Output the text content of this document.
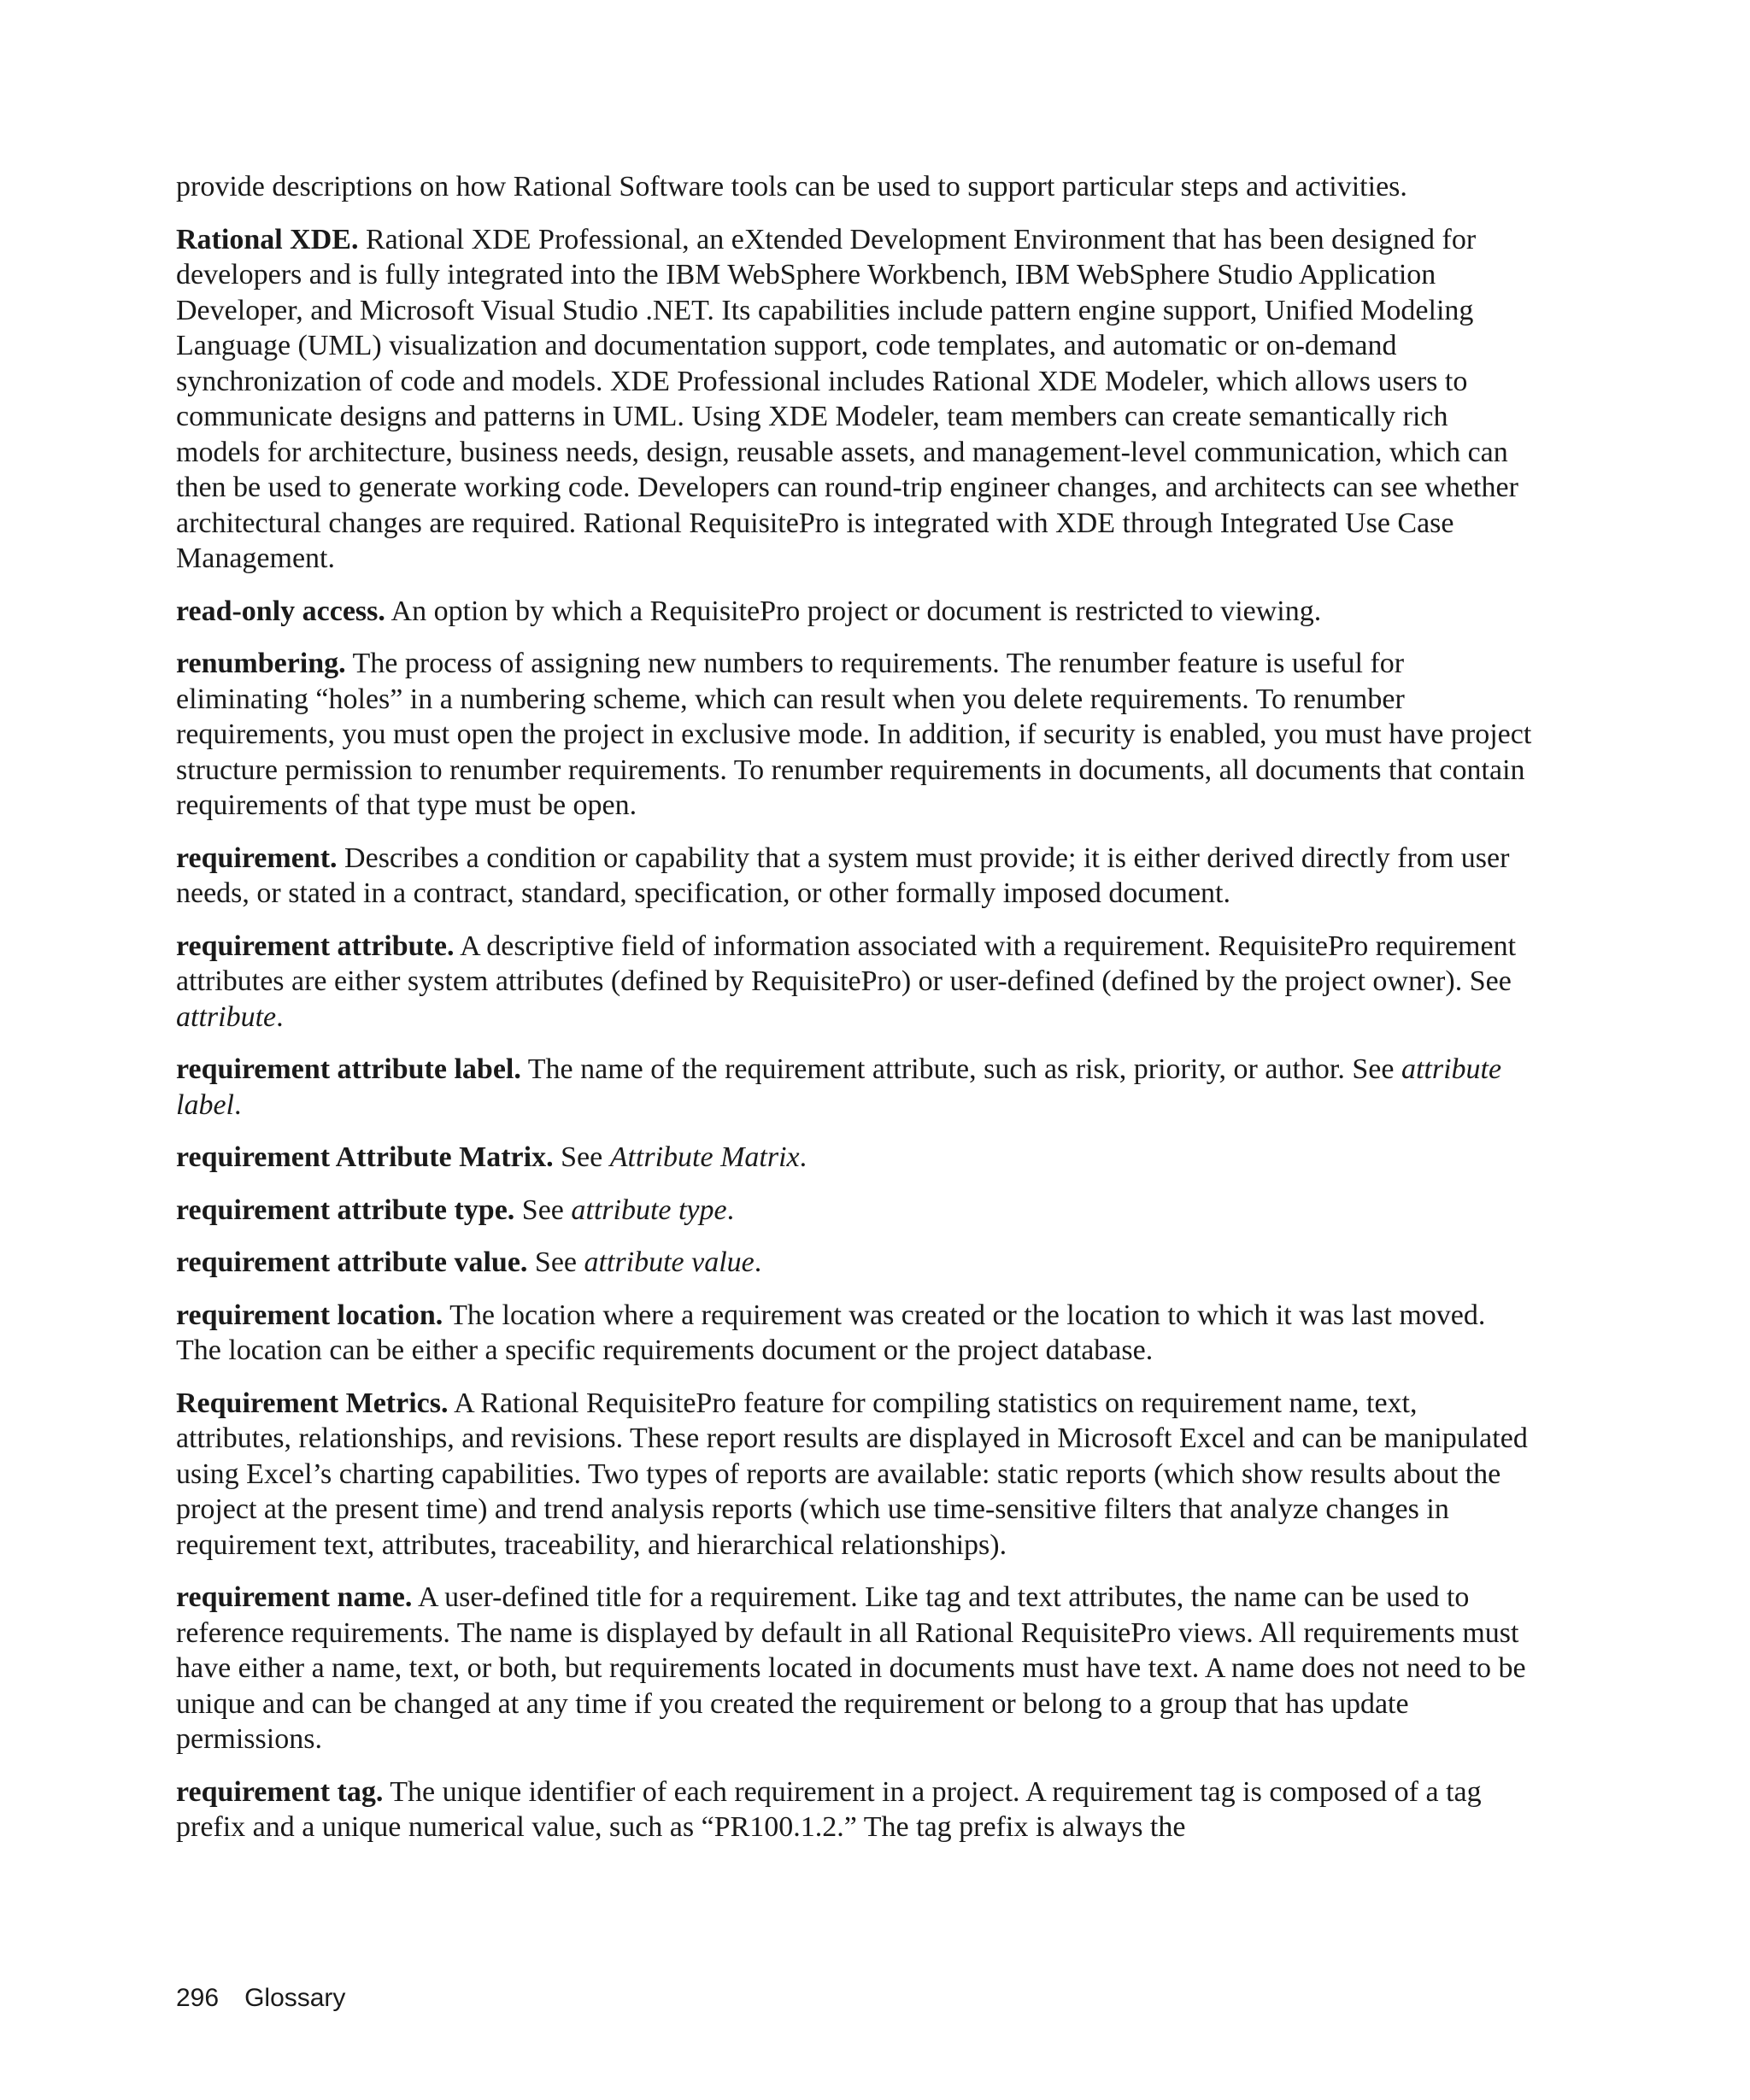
provide descriptions on how Rational Software tools can be used to support particular steps and activities.

Rational XDE. Rational XDE Professional, an eXtended Development Environment that has been designed for developers and is fully integrated into the IBM WebSphere Workbench, IBM WebSphere Studio Application Developer, and Microsoft Visual Studio .NET. Its capabilities include pattern engine support, Unified Modeling Language (UML) visualization and documentation support, code templates, and automatic or on-demand synchronization of code and models. XDE Professional includes Rational XDE Modeler, which allows users to communicate designs and patterns in UML. Using XDE Modeler, team members can create semantically rich models for architecture, business needs, design, reusable assets, and management-level communication, which can then be used to generate working code. Developers can round-trip engineer changes, and architects can see whether architectural changes are required. Rational RequisitePro is integrated with XDE through Integrated Use Case Management.

read-only access. An option by which a RequisitePro project or document is restricted to viewing.

renumbering. The process of assigning new numbers to requirements. The renumber feature is useful for eliminating “holes” in a numbering scheme, which can result when you delete requirements. To renumber requirements, you must open the project in exclusive mode. In addition, if security is enabled, you must have project structure permission to renumber requirements. To renumber requirements in documents, all documents that contain requirements of that type must be open.

requirement. Describes a condition or capability that a system must provide; it is either derived directly from user needs, or stated in a contract, standard, specification, or other formally imposed document.

requirement attribute. A descriptive field of information associated with a requirement. RequisitePro requirement attributes are either system attributes (defined by RequisitePro) or user-defined (defined by the project owner). See attribute.

requirement attribute label. The name of the requirement attribute, such as risk, priority, or author. See attribute label.

requirement Attribute Matrix. See Attribute Matrix.

requirement attribute type. See attribute type.

requirement attribute value. See attribute value.

requirement location. The location where a requirement was created or the location to which it was last moved. The location can be either a specific requirements document or the project database.

Requirement Metrics. A Rational RequisitePro feature for compiling statistics on requirement name, text, attributes, relationships, and revisions. These report results are displayed in Microsoft Excel and can be manipulated using Excel’s charting capabilities. Two types of reports are available: static reports (which show results about the project at the present time) and trend analysis reports (which use time-sensitive filters that analyze changes in requirement text, attributes, traceability, and hierarchical relationships).

requirement name. A user-defined title for a requirement. Like tag and text attributes, the name can be used to reference requirements. The name is displayed by default in all Rational RequisitePro views. All requirements must have either a name, text, or both, but requirements located in documents must have text. A name does not need to be unique and can be changed at any time if you created the requirement or belong to a group that has update permissions.

requirement tag. The unique identifier of each requirement in a project. A requirement tag is composed of a tag prefix and a unique numerical value, such as “PR100.1.2.” The tag prefix is always the

296 Glossary
